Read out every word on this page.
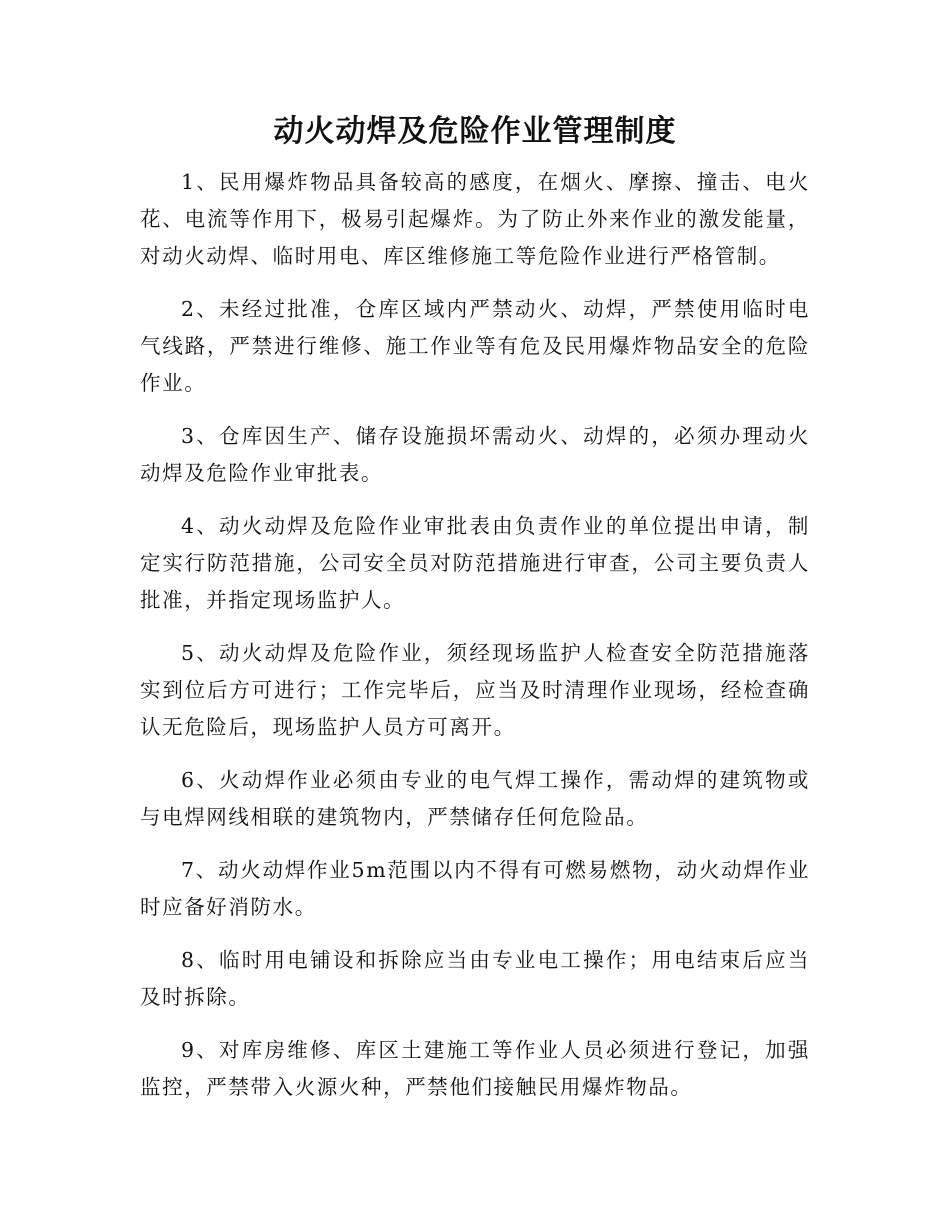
动火动焊及危险作业管理制度

1、民用爆炸物品具备较高的感度，在烟火、摩擦、撞击、电火花、电流等作用下，极易引起爆炸。为了防止外来作业的激发能量，对动火动焊、临时用电、库区维修施工等危险作业进行严格管制。

2、未经过批准，仓库区域内严禁动火、动焊，严禁使用临时电气线路，严禁进行维修、施工作业等有危及民用爆炸物品安全的危险作业。

3、仓库因生产、储存设施损坏需动火、动焊的，必须办理动火动焊及危险作业审批表。

4、动火动焊及危险作业审批表由负责作业的单位提出申请，制定实行防范措施，公司安全员对防范措施进行审查，公司主要负责人批准，并指定现场监护人。

5、动火动焊及危险作业，须经现场监护人检查安全防范措施落实到位后方可进行；工作完毕后，应当及时清理作业现场，经检查确认无危险后，现场监护人员方可离开。

6、火动焊作业必须由专业的电气焊工操作，需动焊的建筑物或与电焊网线相联的建筑物内，严禁储存任何危险品。

7、动火动焊作业5m范围以内不得有可燃易燃物，动火动焊作业时应备好消防水。

8、临时用电铺设和拆除应当由专业电工操作；用电结束后应当及时拆除。

9、对库房维修、库区土建施工等作业人员必须进行登记，加强监控，严禁带入火源火种，严禁他们接触民用爆炸物品。
